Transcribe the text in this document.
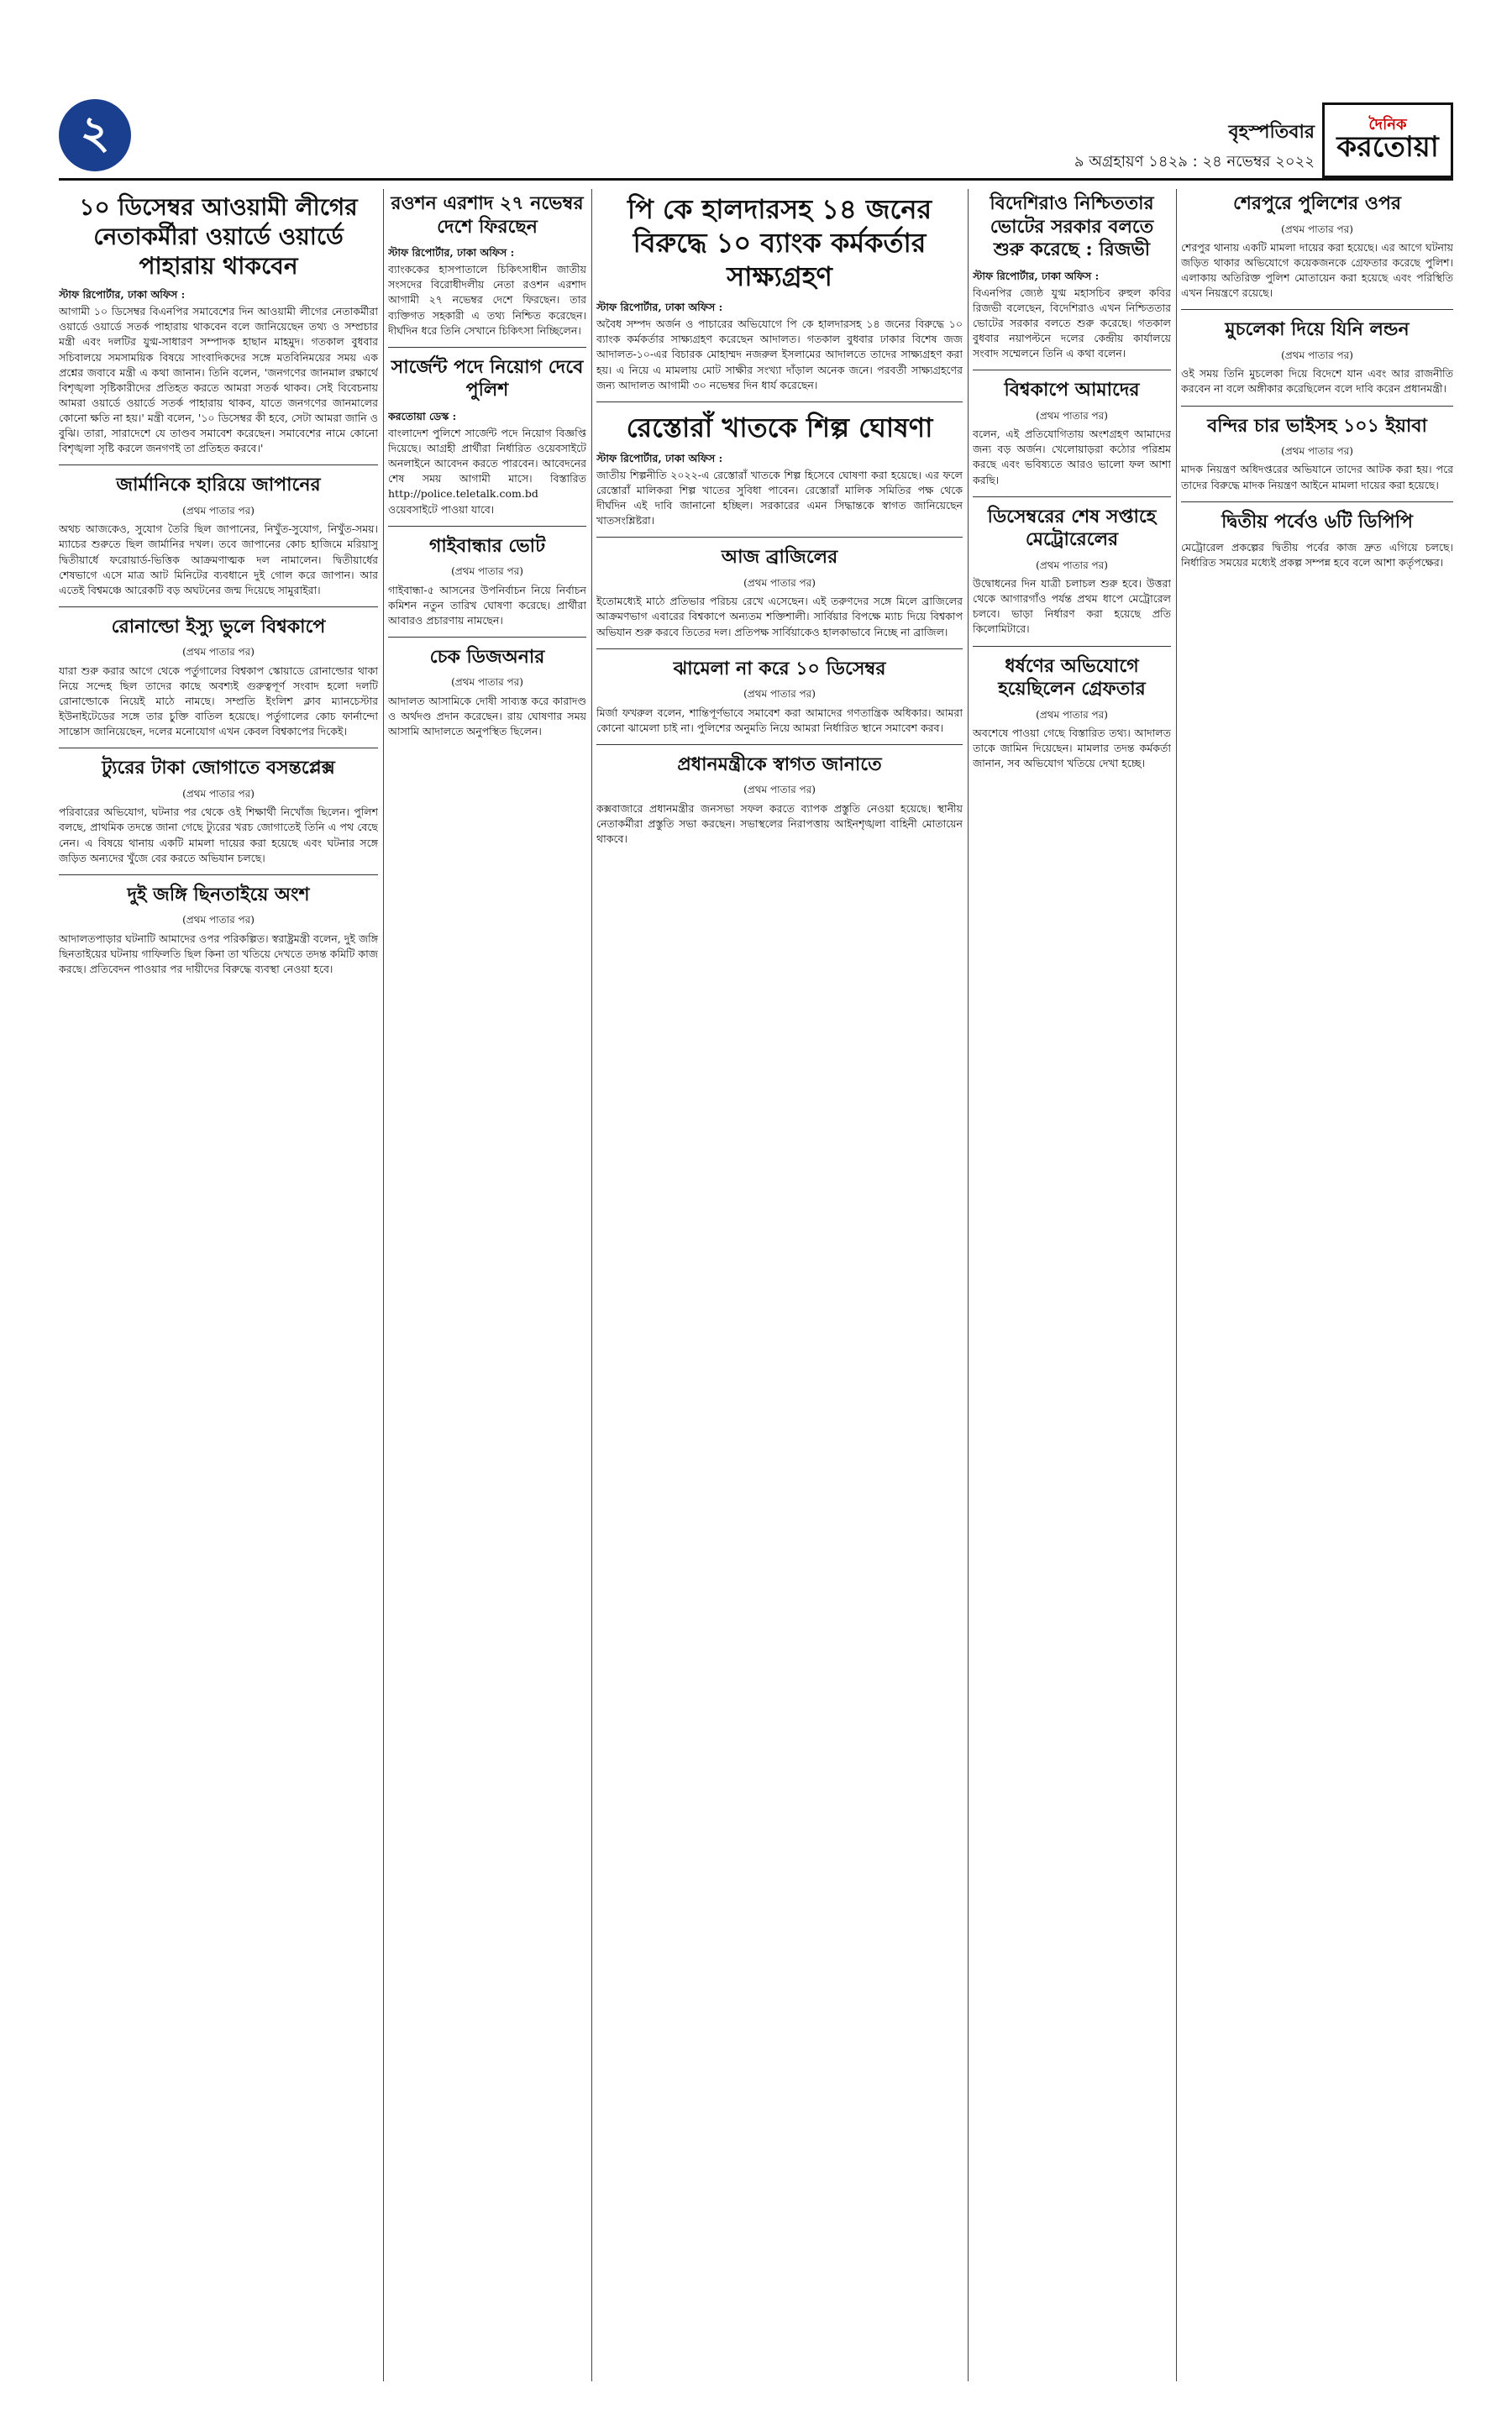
২	বৃহস্পতিবার
৯ অগ্রহায়ণ ১৪২৯ : ২৪ নভেম্বর ২০২২
দৈনিক
করতোয়া
১০ ডিসেম্বর আওয়ামী লীগের নেতাকর্মীরা ওয়ার্ডে ওয়ার্ডে পাহারায় থাকবেন
স্টাফ রিপোর্টার, ঢাকা অফিস :

আগামী ১০ ডিসেম্বর বিএনপির সমাবেশের দিন আওয়ামী লীগের নেতাকর্মীরা ওয়ার্ডে ওয়ার্ডে সতর্ক পাহারায় থাকবেন বলে জানিয়েছেন তথ্য ও সম্প্রচার মন্ত্রী এবং দলটির যুগ্ম-সাধারণ সম্পাদক হাছান মাহমুদ। গতকাল বুধবার সচিবালয়ে সমসাময়িক বিষয়ে সাংবাদিকদের সঙ্গে মতবিনিময়ের সময় এক প্রশ্নের জবাবে মন্ত্রী এ কথা জানান। তিনি বলেন, 'জনগণের জানমাল রক্ষার্থে বিশৃঙ্খলা সৃষ্টিকারীদের প্রতিহত করতে আমরা সতর্ক থাকব। সেই বিবেচনায় আমরা ওয়ার্ডে ওয়ার্ডে সতর্ক পাহারায় থাকব, যাতে জনগণের জানমালের কোনো ক্ষতি না হয়।' মন্ত্রী বলেন, '১০ ডিসেম্বর কী হবে, সেটা আমরা জানি ও বুঝি। তারা, সারাদেশে যে তাণ্ডব সমাবেশ করেছেন। সমাবেশের নামে কোনো বিশৃঙ্খলা সৃষ্টি করলে জনগণই তা প্রতিহত করবে।'

জার্মানিকে হারিয়ে জাপানের
(প্রথম পাতার পর)

অথচ আজকেও, সুযোগ তৈরি ছিল জাপানের, নিখুঁত-সুযোগ, নিখুঁত-সময়। ম্যাচের শুরুতে ছিল জার্মানির দখল। তবে জাপানের কোচ হাজিমে মরিয়াসু দ্বিতীয়ার্ধে ফরোয়ার্ড-ভিত্তিক আক্রমণাত্মক দল নামালেন। দ্বিতীয়ার্ধের শেষভাগে এসে মাত্র আট মিনিটের ব্যবধানে দুই গোল করে জাপান। আর এতেই বিশ্বমঞ্চে আরেকটি বড় অঘটনের জন্ম দিয়েছে সামুরাইরা।

রোনাল্ডো ইস্যু ভুলে বিশ্বকাপে
(প্রথম পাতার পর)

যারা শুরু করার আগে থেকে পর্তুগালের বিশ্বকাপ স্কোয়াডে রোনাল্ডোর থাকা নিয়ে সন্দেহ ছিল তাদের কাছে অবশ্যই গুরুত্বপূর্ণ সংবাদ হলো দলটি রোনাল্ডোকে নিয়েই মাঠে নামছে। সম্প্রতি ইংলিশ ক্লাব ম্যানচেস্টার ইউনাইটেডের সঙ্গে তার চুক্তি বাতিল হয়েছে। পর্তুগালের কোচ ফার্নান্দো সান্তোস জানিয়েছেন, দলের মনোযোগ এখন কেবল বিশ্বকাপের দিকেই।

ট্যুরের টাকা জোগাতে বসন্তপ্লেক্স
(প্রথম পাতার পর)

পরিবারের অভিযোগ, ঘটনার পর থেকে ওই শিক্ষার্থী নিখোঁজ ছিলেন। পুলিশ বলছে, প্রাথমিক তদন্তে জানা গেছে ট্যুরের খরচ জোগাতেই তিনি এ পথ বেছে নেন। এ বিষয়ে থানায় একটি মামলা দায়ের করা হয়েছে এবং ঘটনার সঙ্গে জড়িত অন্যদের খুঁজে বের করতে অভিযান চলছে।

দুই জঙ্গি ছিনতাইয়ে অংশ
(প্রথম পাতার পর)

আদালতপাড়ার ঘটনাটি আমাদের ওপর পরিকল্পিত। স্বরাষ্ট্রমন্ত্রী বলেন, দুই জঙ্গি ছিনতাইয়ের ঘটনায় গাফিলতি ছিল কিনা তা খতিয়ে দেখতে তদন্ত কমিটি কাজ করছে। প্রতিবেদন পাওয়ার পর দায়ীদের বিরুদ্ধে ব্যবস্থা নেওয়া হবে।

রওশন এরশাদ ২৭ নভেম্বর দেশে ফিরছেন
স্টাফ রিপোর্টার, ঢাকা অফিস :

ব্যাংককের হাসপাতালে চিকিৎসাধীন জাতীয় সংসদের বিরোধীদলীয় নেতা রওশন এরশাদ আগামী ২৭ নভেম্বর দেশে ফিরছেন। তার ব্যক্তিগত সহকারী এ তথ্য নিশ্চিত করেছেন। দীর্ঘদিন ধরে তিনি সেখানে চিকিৎসা নিচ্ছিলেন।

সার্জেন্ট পদে নিয়োগ দেবে পুলিশ
করতোয়া ডেস্ক :

বাংলাদেশ পুলিশে সার্জেন্ট পদে নিয়োগ বিজ্ঞপ্তি দিয়েছে। আগ্রহী প্রার্থীরা নির্ধারিত ওয়েবসাইটে অনলাইনে আবেদন করতে পারবেন। আবেদনের শেষ সময় আগামী মাসে। বিস্তারিত http://police.teletalk.com.bd ওয়েবসাইটে পাওয়া যাবে।

গাইবান্ধার ভোট
(প্রথম পাতার পর)

গাইবান্ধা-৫ আসনের উপনির্বাচন নিয়ে নির্বাচন কমিশন নতুন তারিখ ঘোষণা করেছে। প্রার্থীরা আবারও প্রচারণায় নামছেন।

চেক ডিজঅনার
(প্রথম পাতার পর)

আদালত আসামিকে দোষী সাব্যস্ত করে কারাদণ্ড ও অর্থদণ্ড প্রদান করেছেন। রায় ঘোষণার সময় আসামি আদালতে অনুপস্থিত ছিলেন।

পি কে হালদারসহ ১৪ জনের বিরুদ্ধে ১০ ব্যাংক কর্মকর্তার সাক্ষ্যগ্রহণ
স্টাফ রিপোর্টার, ঢাকা অফিস :

অবৈধ সম্পদ অর্জন ও পাচারের অভিযোগে পি কে হালদারসহ ১৪ জনের বিরুদ্ধে ১০ ব্যাংক কর্মকর্তার সাক্ষ্যগ্রহণ করেছেন আদালত। গতকাল বুধবার ঢাকার বিশেষ জজ আদালত-১০-এর বিচারক মোহাম্মদ নজরুল ইসলামের আদালতে তাদের সাক্ষ্যগ্রহণ করা হয়। এ নিয়ে এ মামলায় মোট সাক্ষীর সংখ্যা দাঁড়াল অনেক জনে। পরবর্তী সাক্ষ্যগ্রহণের জন্য আদালত আগামী ৩০ নভেম্বর দিন ধার্য করেছেন।

রেস্তোরাঁ খাতকে শিল্প ঘোষণা
স্টাফ রিপোর্টার, ঢাকা অফিস :

জাতীয় শিল্পনীতি ২০২২-এ রেস্তোরাঁ খাতকে শিল্প হিসেবে ঘোষণা করা হয়েছে। এর ফলে রেস্তোরাঁ মালিকরা শিল্প খাতের সুবিধা পাবেন। রেস্তোরাঁ মালিক সমিতির পক্ষ থেকে দীর্ঘদিন এই দাবি জানানো হচ্ছিল। সরকারের এমন সিদ্ধান্তকে স্বাগত জানিয়েছেন খাতসংশ্লিষ্টরা।

আজ ব্রাজিলের
(প্রথম পাতার পর)

ইতোমধ্যেই মাঠে প্রতিভার পরিচয় রেখে এসেছেন। এই তরুণদের সঙ্গে মিলে ব্রাজিলের আক্রমণভাগ এবারের বিশ্বকাপে অন্যতম শক্তিশালী। সার্বিয়ার বিপক্ষে ম্যাচ দিয়ে বিশ্বকাপ অভিযান শুরু করবে তিতের দল। প্রতিপক্ষ সার্বিয়াকেও হালকাভাবে নিচ্ছে না ব্রাজিল।

ঝামেলা না করে ১০ ডিসেম্বর
(প্রথম পাতার পর)

মির্জা ফখরুল বলেন, শান্তিপূর্ণভাবে সমাবেশ করা আমাদের গণতান্ত্রিক অধিকার। আমরা কোনো ঝামেলা চাই না। পুলিশের অনুমতি নিয়ে আমরা নির্ধারিত স্থানে সমাবেশ করব।

প্রধানমন্ত্রীকে স্বাগত জানাতে
(প্রথম পাতার পর)

কক্সবাজারে প্রধানমন্ত্রীর জনসভা সফল করতে ব্যাপক প্রস্তুতি নেওয়া হয়েছে। স্থানীয় নেতাকর্মীরা প্রস্তুতি সভা করছেন। সভাস্থলের নিরাপত্তায় আইনশৃঙ্খলা বাহিনী মোতায়েন থাকবে।

বিদেশিরাও নিশ্চিততার ভোটের সরকার বলতে শুরু করেছে : রিজভী
স্টাফ রিপোর্টার, ঢাকা অফিস :

বিএনপির জ্যেষ্ঠ যুগ্ম মহাসচিব রুহুল কবির রিজভী বলেছেন, বিদেশিরাও এখন নিশ্চিততার ভোটের সরকার বলতে শুরু করেছে। গতকাল বুধবার নয়াপল্টনে দলের কেন্দ্রীয় কার্যালয়ে সংবাদ সম্মেলনে তিনি এ কথা বলেন।

বিশ্বকাপে আমাদের
(প্রথম পাতার পর)

বলেন, এই প্রতিযোগিতায় অংশগ্রহণ আমাদের জন্য বড় অর্জন। খেলোয়াড়রা কঠোর পরিশ্রম করছে এবং ভবিষ্যতে আরও ভালো ফল আশা করছি।

ডিসেম্বরের শেষ সপ্তাহে মেট্রোরেলের
(প্রথম পাতার পর)

উদ্বোধনের দিন যাত্রী চলাচল শুরু হবে। উত্তরা থেকে আগারগাঁও পর্যন্ত প্রথম ধাপে মেট্রোরেল চলবে। ভাড়া নির্ধারণ করা হয়েছে প্রতি কিলোমিটারে।

ধর্ষণের অভিযোগে হয়েছিলেন গ্রেফতার
(প্রথম পাতার পর)

অবশেষে পাওয়া গেছে বিস্তারিত তথ্য। আদালত তাকে জামিন দিয়েছেন। মামলার তদন্ত কর্মকর্তা জানান, সব অভিযোগ খতিয়ে দেখা হচ্ছে।

শেরপুরে পুলিশের ওপর
(প্রথম পাতার পর)

শেরপুর থানায় একটি মামলা দায়ের করা হয়েছে। এর আগে ঘটনায় জড়িত থাকার অভিযোগে কয়েকজনকে গ্রেফতার করেছে পুলিশ। এলাকায় অতিরিক্ত পুলিশ মোতায়েন করা হয়েছে এবং পরিস্থিতি এখন নিয়ন্ত্রণে রয়েছে।

মুচলেকা দিয়ে যিনি লন্ডন
(প্রথম পাতার পর)

ওই সময় তিনি মুচলেকা দিয়ে বিদেশে যান এবং আর রাজনীতি করবেন না বলে অঙ্গীকার করেছিলেন বলে দাবি করেন প্রধানমন্ত্রী।

বন্দির চার ভাইসহ ১০১ ইয়াবা
(প্রথম পাতার পর)

মাদক নিয়ন্ত্রণ অধিদপ্তরের অভিযানে তাদের আটক করা হয়। পরে তাদের বিরুদ্ধে মাদক নিয়ন্ত্রণ আইনে মামলা দায়ের করা হয়েছে।

দ্বিতীয় পর্বেও ৬টি ডিপিপি

মেট্রোরেল প্রকল্পের দ্বিতীয় পর্বের কাজ দ্রুত এগিয়ে চলছে। নির্ধারিত সময়ের মধ্যেই প্রকল্প সম্পন্ন হবে বলে আশা কর্তৃপক্ষের।
